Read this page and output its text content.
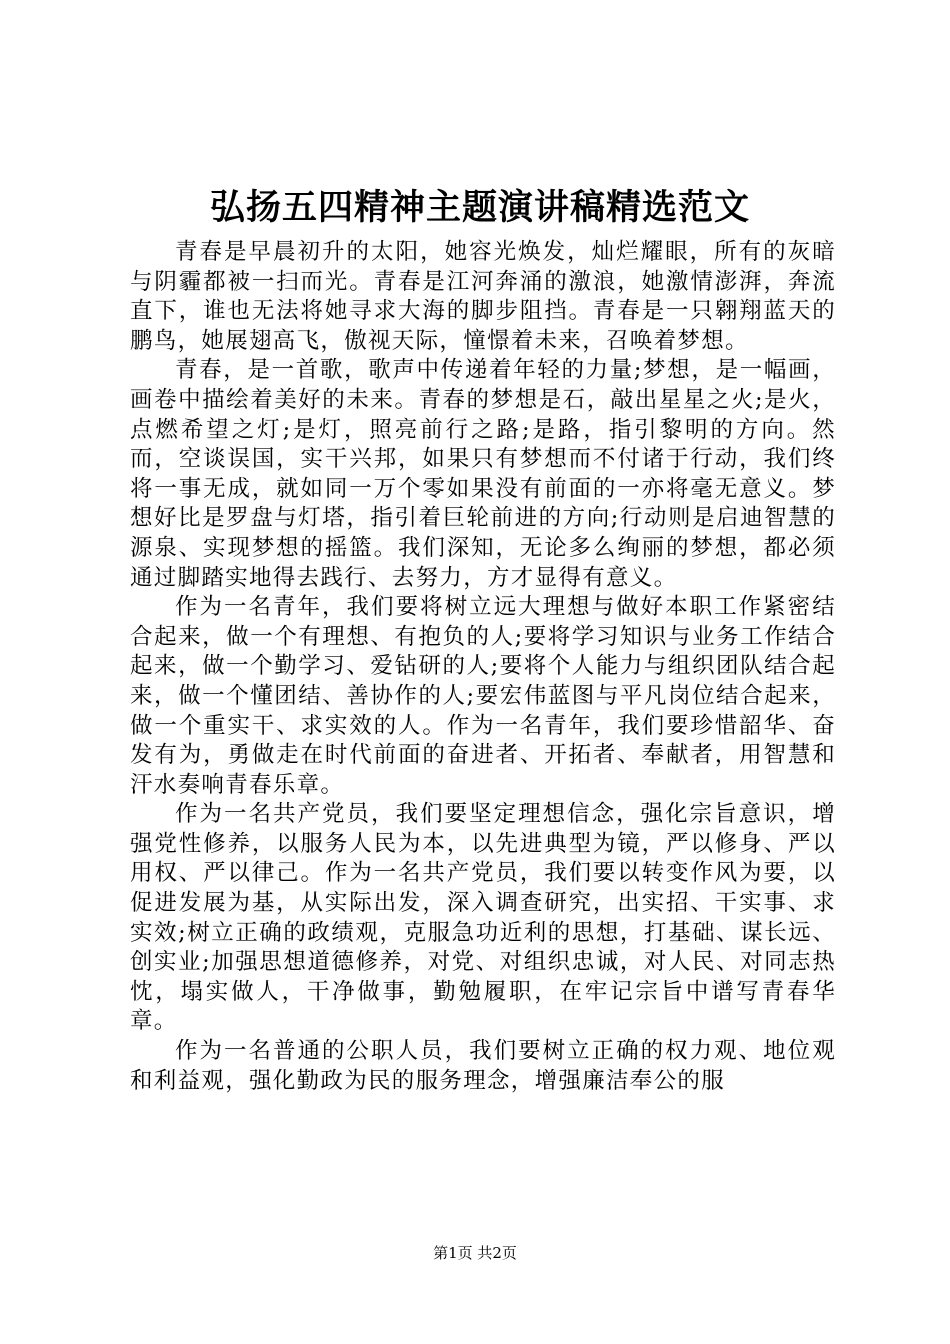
弘扬五四精神主题演讲稿精选范文

青春是早晨初升的太阳，她容光焕发，灿烂耀眼，所有的灰暗与阴霾都被一扫而光。青春是江河奔涌的激浪，她激情澎湃，奔流直下，谁也无法将她寻求大海的脚步阻挡。青春是一只翱翔蓝天的鹏鸟，她展翅高飞，傲视天际，憧憬着未来，召唤着梦想。

青春，是一首歌，歌声中传递着年轻的力量;梦想，是一幅画，画卷中描绘着美好的未来。青春的梦想是石，敲出星星之火;是火，点燃希望之灯;是灯，照亮前行之路;是路，指引黎明的方向。然而，空谈误国，实干兴邦，如果只有梦想而不付诸于行动，我们终将一事无成，就如同一万个零如果没有前面的一亦将毫无意义。梦想好比是罗盘与灯塔，指引着巨轮前进的方向;行动则是启迪智慧的源泉、实现梦想的摇篮。我们深知，无论多么绚丽的梦想，都必须通过脚踏实地得去践行、去努力，方才显得有意义。

作为一名青年，我们要将树立远大理想与做好本职工作紧密结合起来，做一个有理想、有抱负的人;要将学习知识与业务工作结合起来，做一个勤学习、爱钻研的人;要将个人能力与组织团队结合起来，做一个懂团结、善协作的人;要宏伟蓝图与平凡岗位结合起来，做一个重实干、求实效的人。作为一名青年，我们要珍惜韶华、奋发有为，勇做走在时代前面的奋进者、开拓者、奉献者，用智慧和汗水奏响青春乐章。

作为一名共产党员，我们要坚定理想信念，强化宗旨意识，增强党性修养，以服务人民为本，以先进典型为镜，严以修身、严以用权、严以律己。作为一名共产党员，我们要以转变作风为要，以促进发展为基，从实际出发，深入调查研究，出实招、干实事、求实效;树立正确的政绩观，克服急功近利的思想，打基础、谋长远、创实业;加强思想道德修养，对党、对组织忠诚，对人民、对同志热忱，塌实做人，干净做事，勤勉履职，在牢记宗旨中谱写青春华章。

作为一名普通的公职人员，我们要树立正确的权力观、地位观和利益观，强化勤政为民的服务理念，增强廉洁奉公的服

第1页 共2页
